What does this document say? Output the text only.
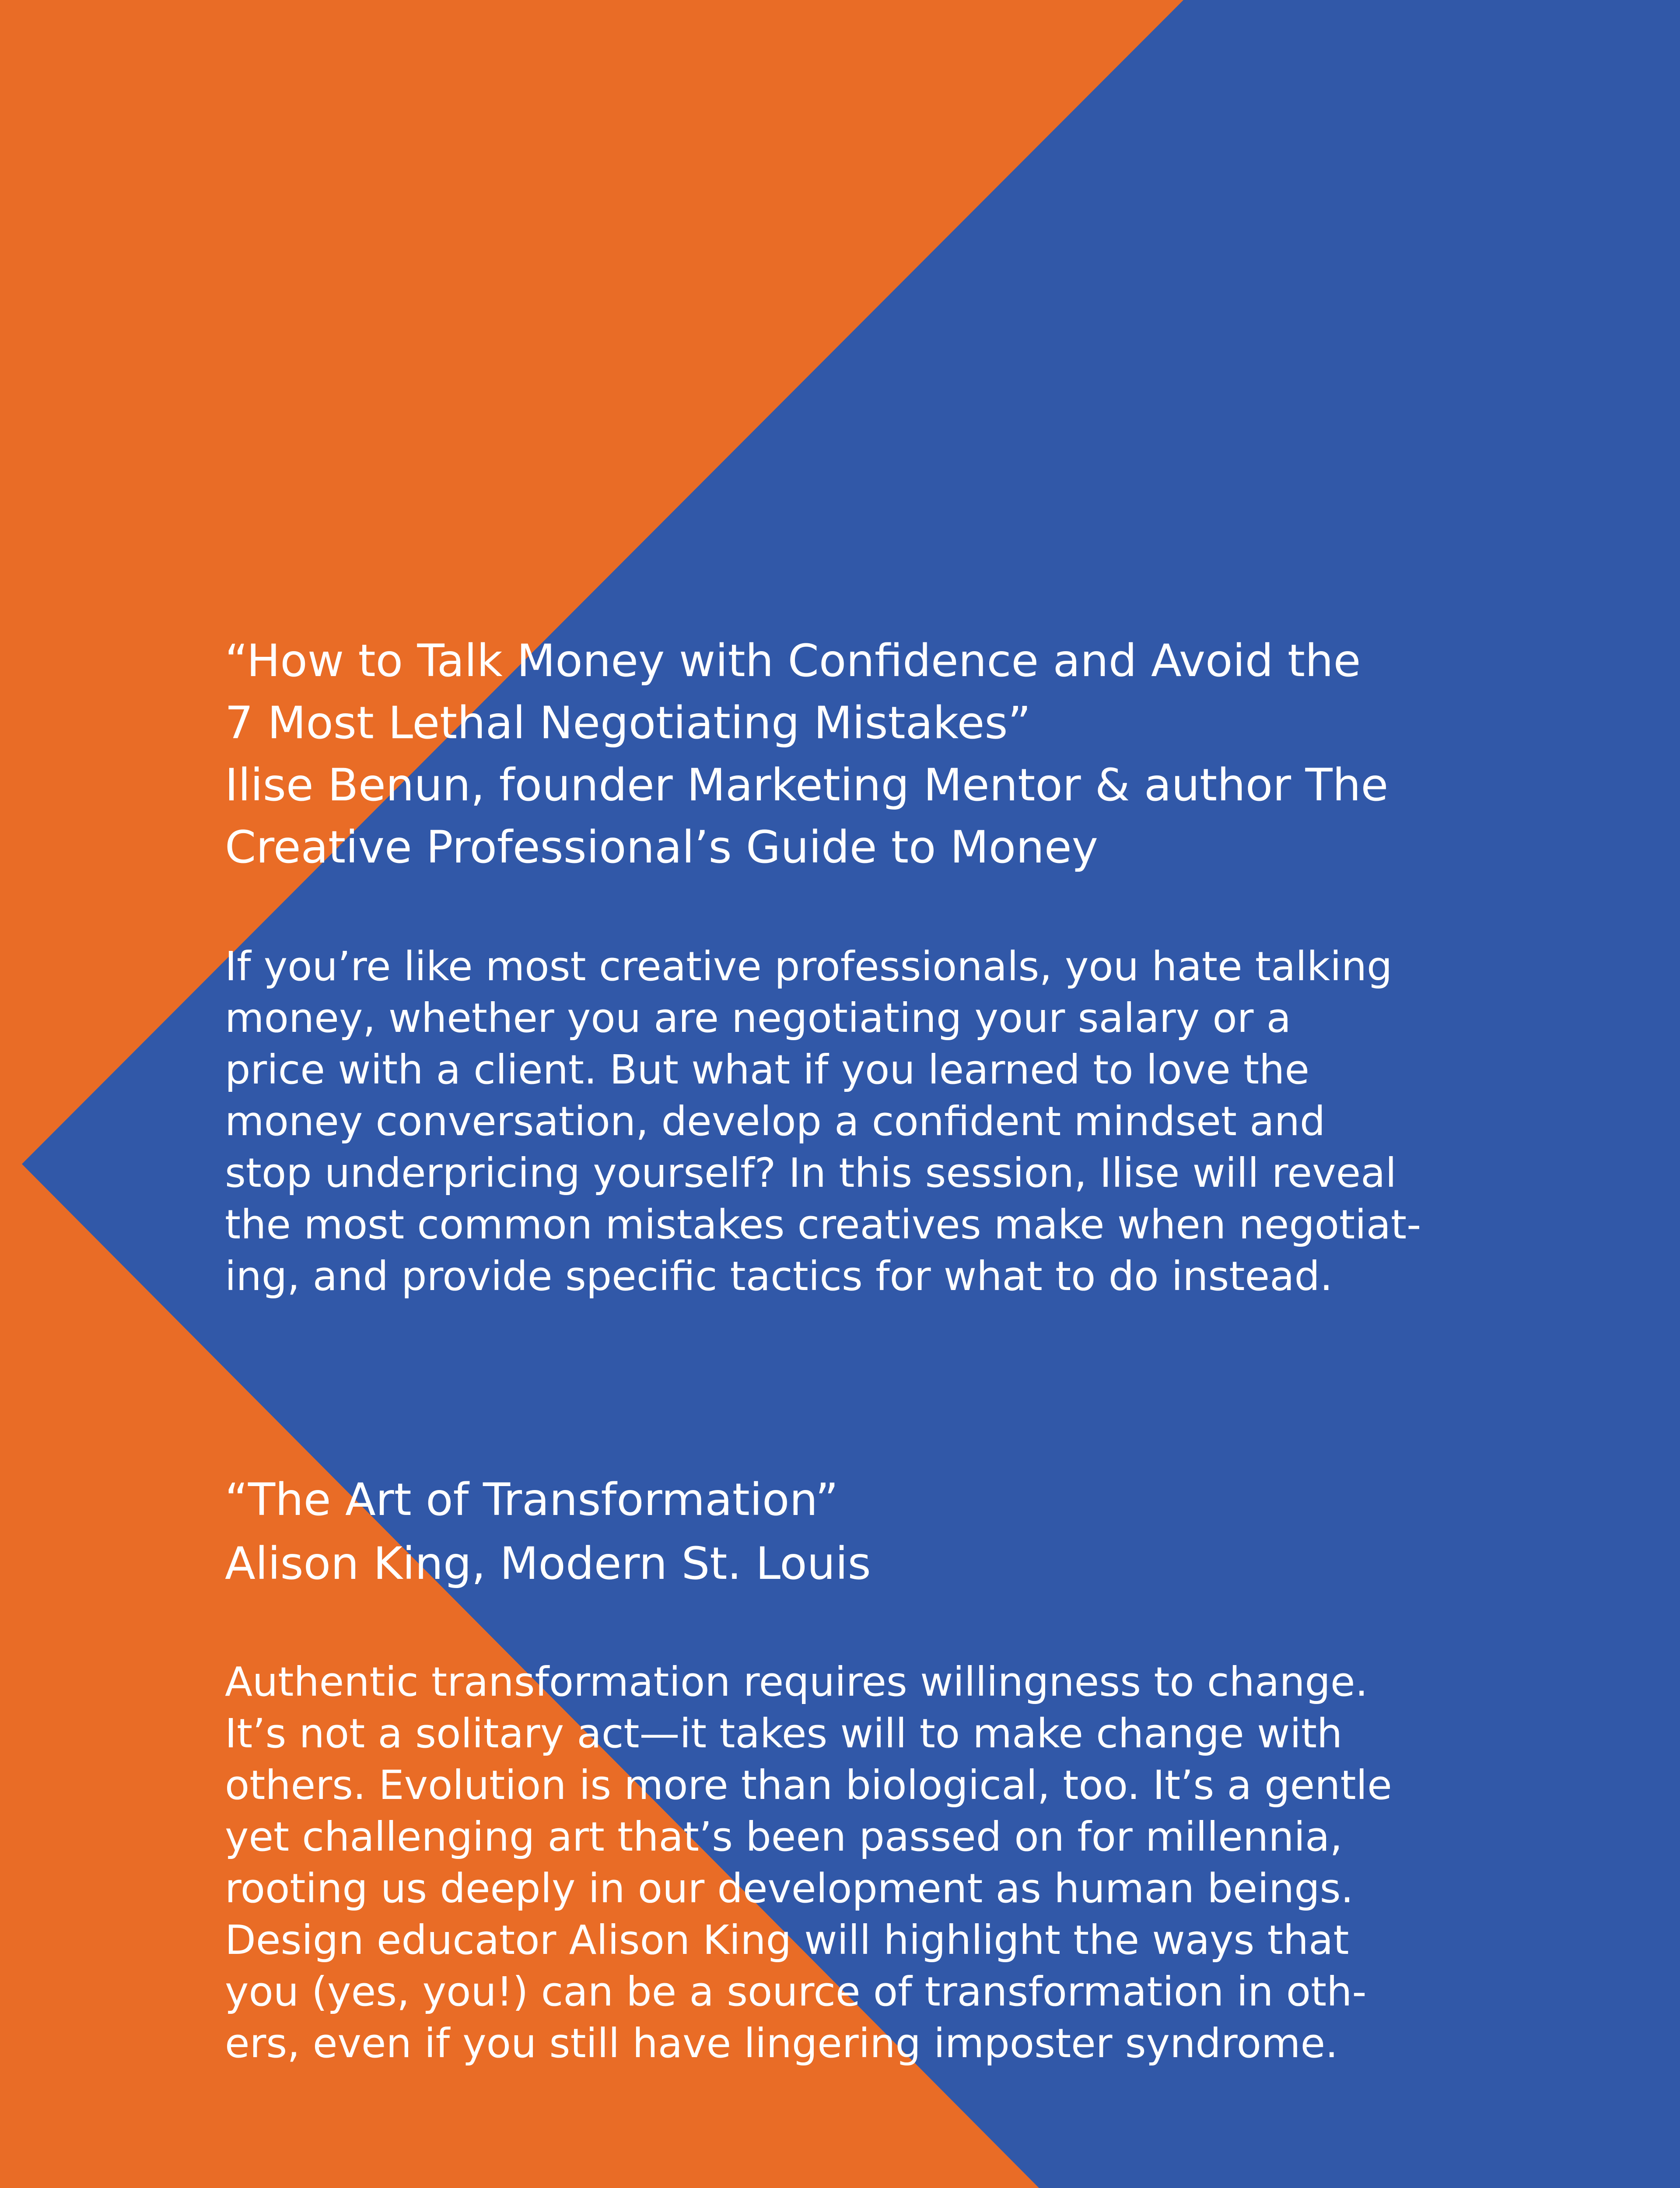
“How to Talk Money with Confidence and Avoid the
7 Most Lethal Negotiating Mistakes”
Ilise Benun, founder Marketing Mentor & author The
Creative Professional’s Guide to Money
If you’re like most creative professionals, you hate talking
money, whether you are negotiating your salary or a
price with a client. But what if you learned to love the
money conversation, develop a confident mindset and
stop underpricing yourself? In this session, Ilise will reveal
the most common mistakes creatives make when negotiat-
ing, and provide specific tactics for what to do instead.
“The Art of Transformation”
Alison King, Modern St. Louis
Authentic transformation requires willingness to change.
It’s not a solitary act—it takes will to make change with
others. Evolution is more than biological, too. It’s a gentle
yet challenging art that’s been passed on for millennia,
rooting us deeply in our development as human beings.
Design educator Alison King will highlight the ways that
you (yes, you!) can be a source of transformation in oth-
ers, even if you still have lingering imposter syndrome.
